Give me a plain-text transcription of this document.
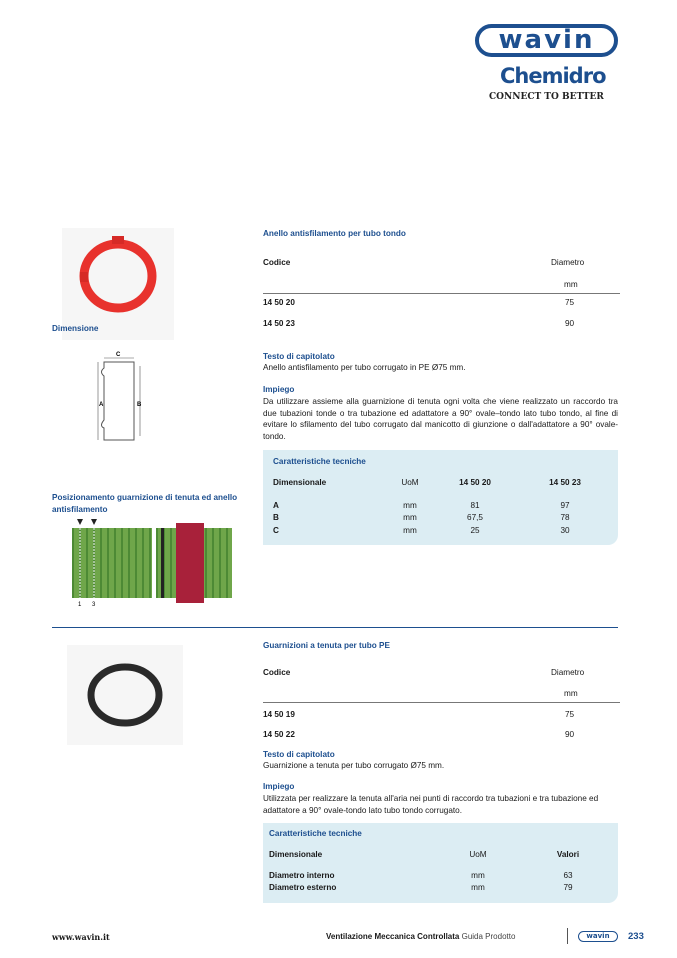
wavin
Chemidro
CONNECT TO BETTER
Dimensione
C
A	B
Posizionamento guarnizione di tenuta ed anello antisfilamento
1 3
Anello antisfilamento per tubo tondo
Codice	Diametro
mm
14 50 20	75
14 50 23	90
Testo di capitolato
Anello antisfilamento per tubo corrugato in PE Ø75 mm.
Impiego
Da utilizzare assieme alla guarnizione di tenuta ogni volta che viene realizzato un raccordo tra due tubazioni tonde o tra tubazione ed adattatore a 90° ovale–tondo lato tubo tondo, al fine di evitare lo sfilamento del tubo corrugato dal manicotto di giunzione o dall'adattatore a 90° ovale-tondo.
Caratteristiche tecniche
Dimensionale	UoM	14 50 20	14 50 23
A	mm	81	97
B	mm	67,5	78
C	mm	25	30
Guarnizioni a tenuta per tubo PE
Codice	Diametro
mm
14 50 19	75
14 50 22	90
Testo di capitolato
Guarnizione a tenuta per tubo corrugato Ø75 mm.
Impiego
Utilizzata per realizzare la tenuta all'aria nei punti di raccordo tra tubazioni e tra tubazione ed adattatore a 90° ovale-tondo lato tubo tondo corrugato.
Caratteristiche tecniche
Dimensionale	UoM	Valori
Diametro interno	mm	63
Diametro esterno	mm	79
www.wavin.it	Ventilazione Meccanica Controllata Guida Prodotto	wavin	233
